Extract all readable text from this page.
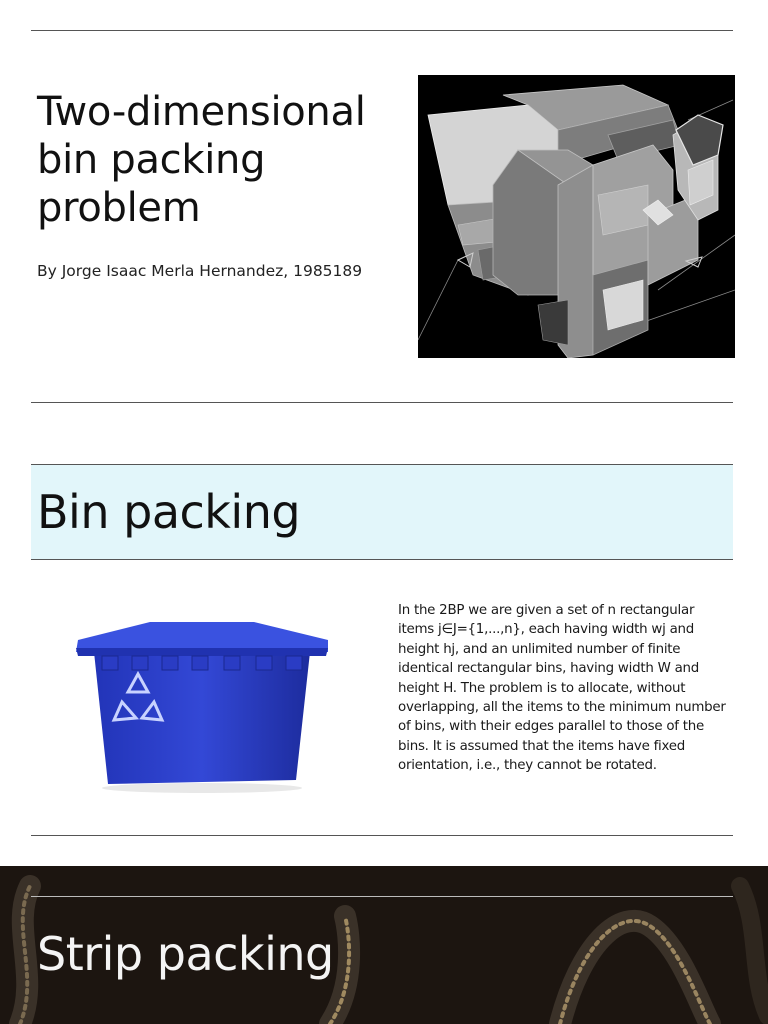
Two-dimensional bin packing problem

By Jorge Isaac Merla Hernandez, 1985189

Bin packing

In the 2BP we are given a set of n rectangular items j∈J={1,...,n}, each having width wj and height hj, and an unlimited number of finite identical rectangular bins, having width W and height H. The problem is to allocate, without overlapping, all the items to the minimum number of bins, with their edges parallel to those of the bins. It is assumed that the items have fixed orientation, i.e., they cannot be rotated.

Strip packing
